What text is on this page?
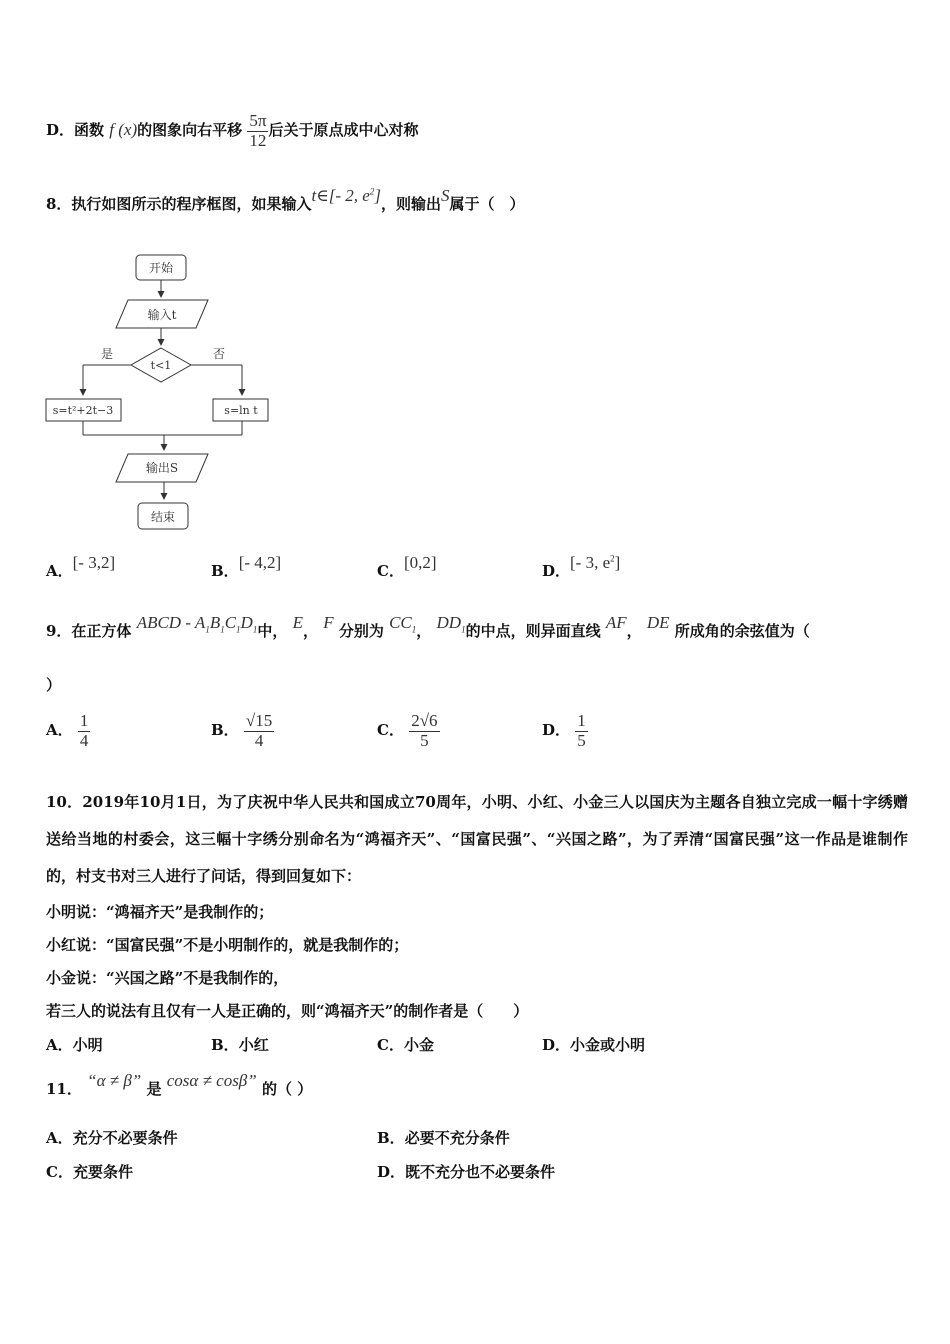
D．函数 f (x)的图象向右平移 $\frac{5\pi}{12}$ 后关于原点成中心对称
8．执行如图所示的程序框图，如果输入t∈[- 2, $e^2$]，则输出S属于（　）
开始
输入t
t<1
是	否
s=t²+2t−3	s=ln t
输出S
结束
A．[- 3,2]	B．[- 4,2]	C．[0,2]	D．[- 3, $e^2$]
9．在正方体 ABCD - $A_1B_1C_1D_1$中， E， F 分别为 $CC_1$， $DD_1$的中点，则异面直线 AF， DE 所成角的余弦值为（
）
A． $\frac{1}{4}$	B． $\frac{√15}{4}$	C． $\frac{2√6}{5}$	D． $\frac{1}{5}$
10．2019年10月1日，为了庆祝中华人民共和国成立70周年，小明、小红、小金三人以国庆为主题各自独立完成一幅十字绣赠送给当地的村委会，这三幅十字绣分别命名为“鸿福齐天”、“国富民强”、“兴国之路”，为了弄清“国富民强”这一作品是谁制作的，村支书对三人进行了问话，得到回复如下：
小明说：“鸿福齐天”是我制作的；
小红说：“国富民强”不是小明制作的，就是我制作的；
小金说：“兴国之路”不是我制作的，
若三人的说法有且仅有一人是正确的，则“鸿福齐天”的制作者是（　　）
A．小明	B．小红	C．小金	D．小金或小明
11． “α ≠ β” 是 cosα ≠ cosβ” 的（ ）
A．充分不必要条件	B．必要不充分条件
C．充要条件	D．既不充分也不必要条件
